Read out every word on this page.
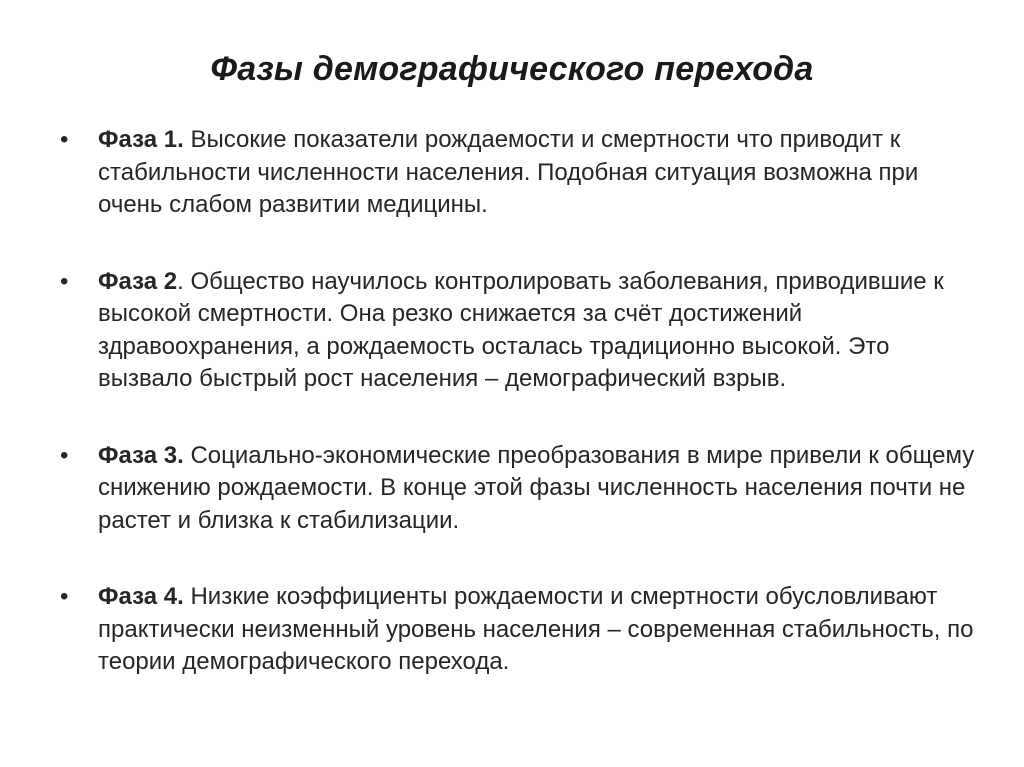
Фазы демографического перехода
•	Фаза 1. Высокие показатели рождаемости и смертности что приводит к стабильности численности населения. Подобная ситуация возможна при очень слабом развитии медицины.
•	Фаза 2. Общество научилось контролировать заболевания, приводившие к высокой смертности. Она резко снижается за счёт достижений здравоохранения, а рождаемость осталась традиционно высокой. Это вызвало быстрый рост населения – демографический взрыв.
•	Фаза 3. Социально-экономические преобразования в мире привели к общему снижению рождаемости. В конце этой фазы численность населения почти не растет и близка к стабилизации.
•	Фаза 4. Низкие коэффициенты рождаемости и смертности обусловливают практически неизменный уровень населения – современная стабильность, по теории демографического перехода.
